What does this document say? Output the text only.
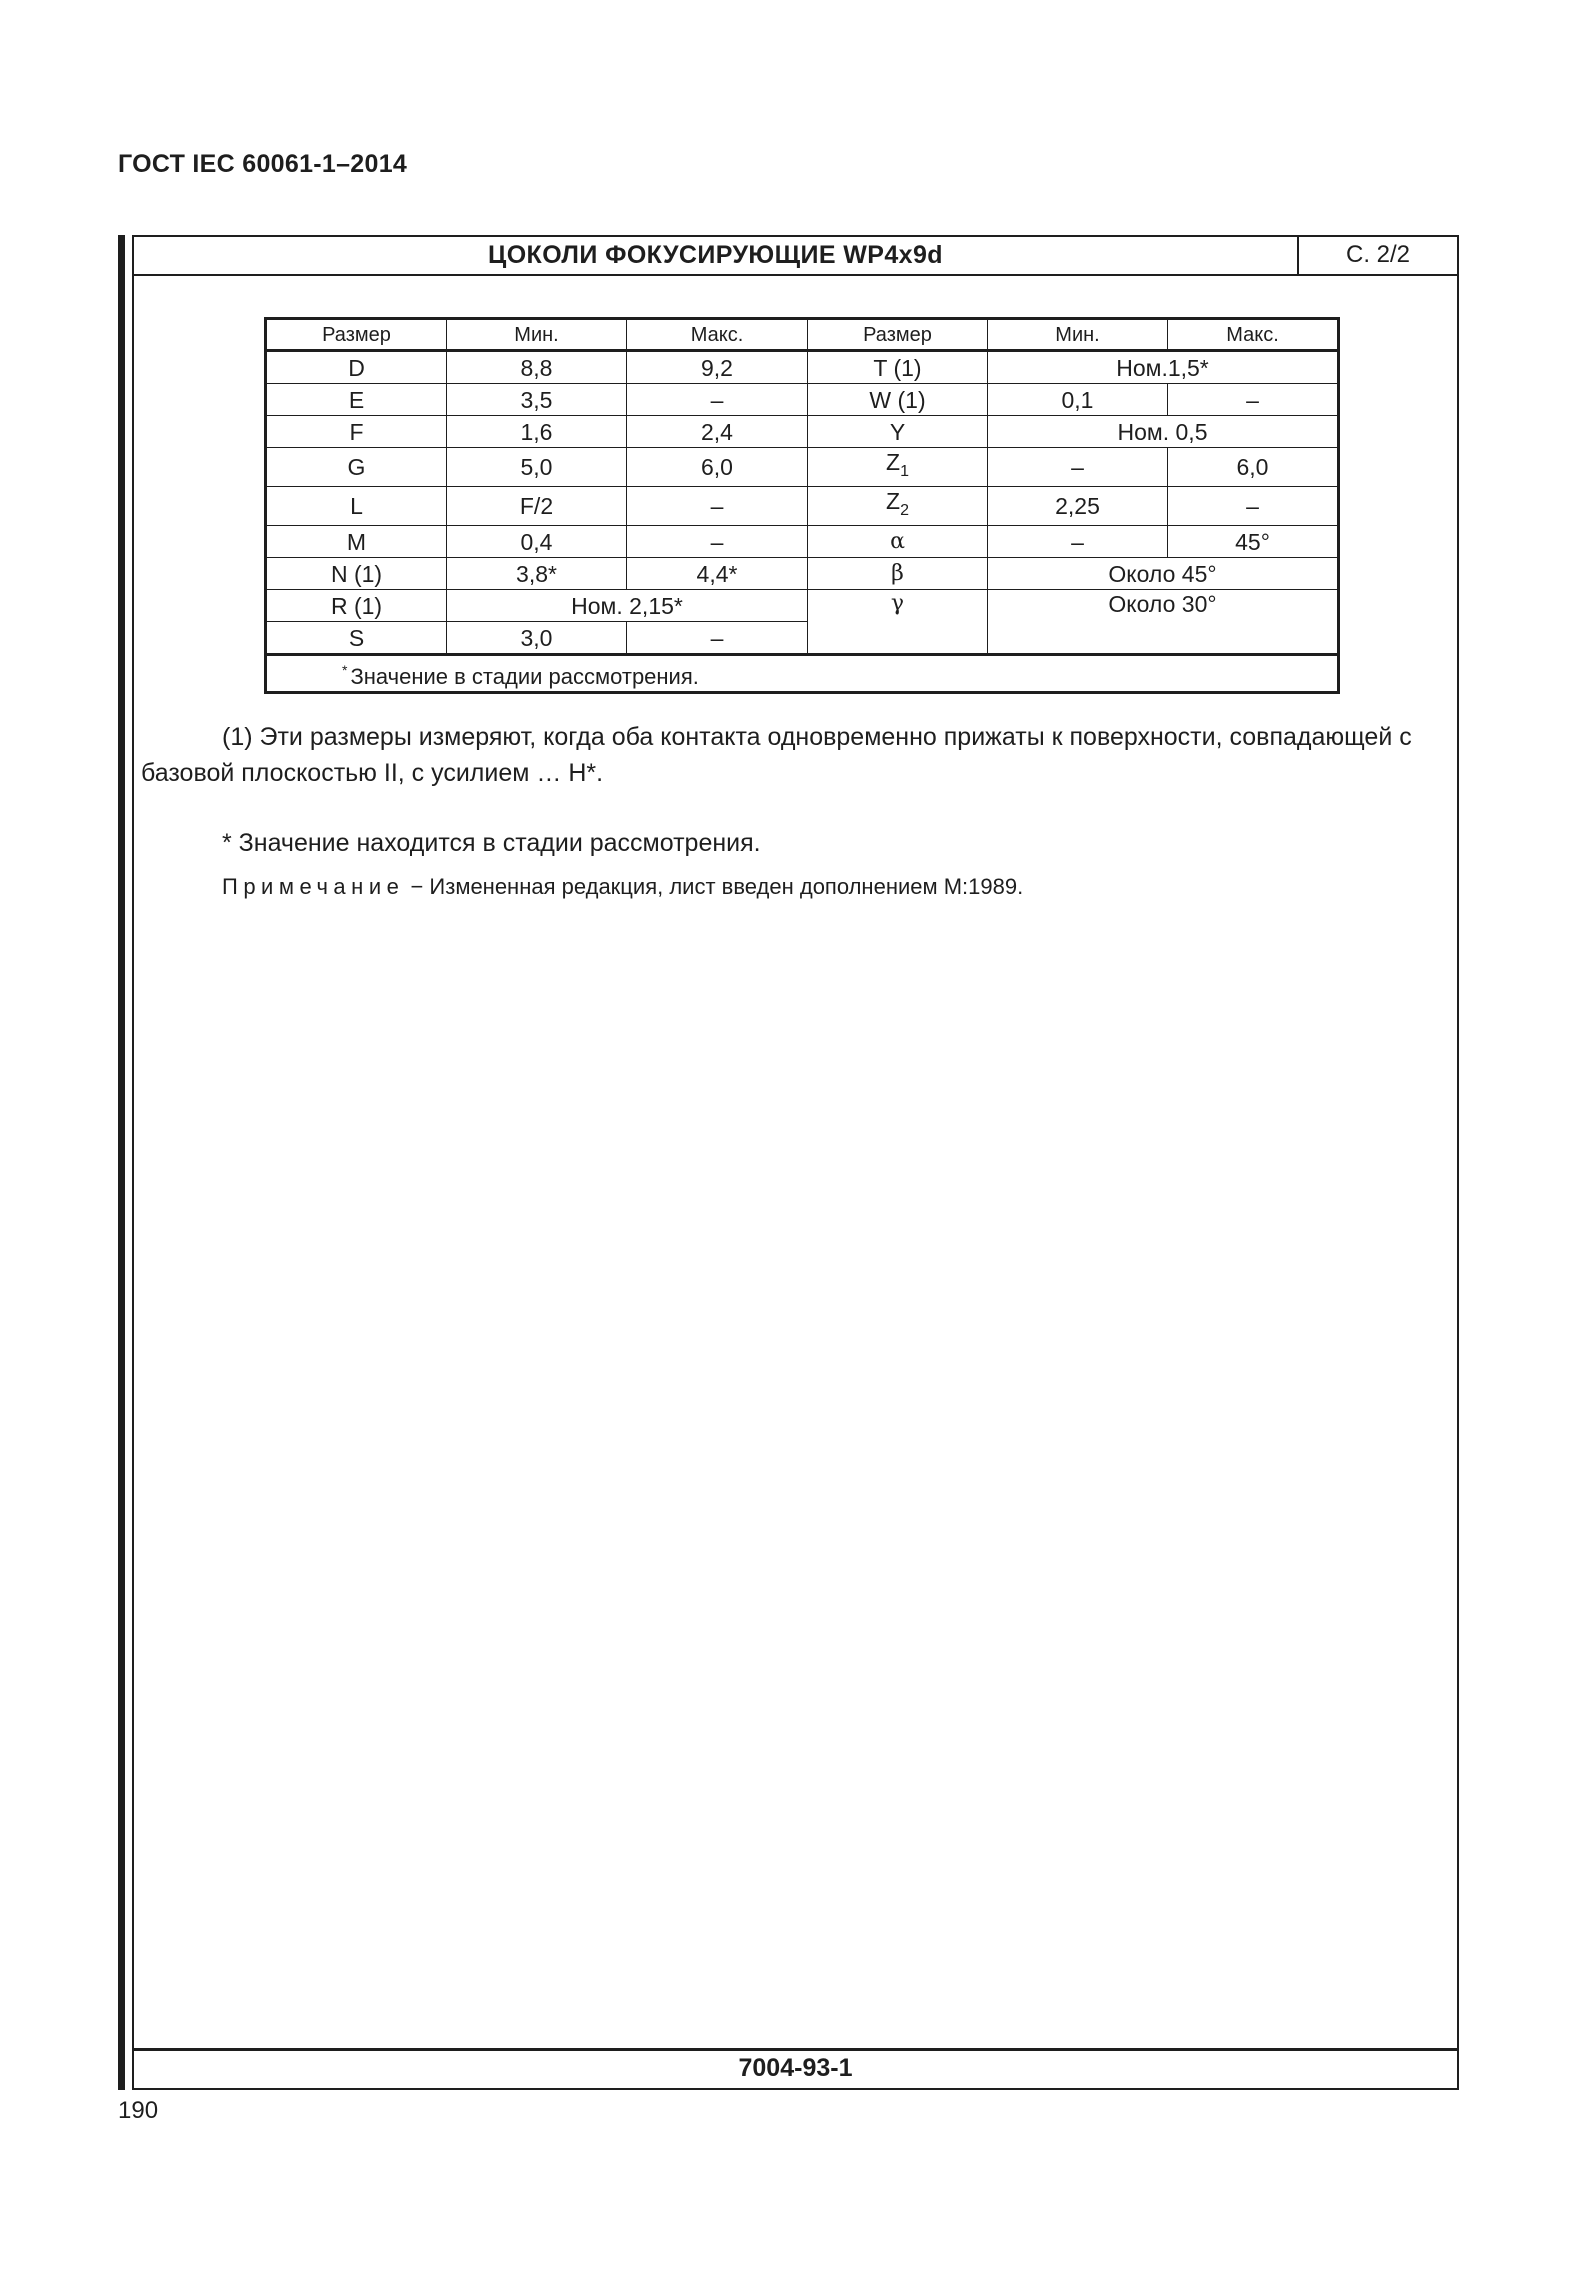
ГОСТ IEC 60061-1–2014
ЦОКОЛИ ФОКУСИРУЮЩИЕ WP4x9d	С. 2/2
Размер	Мин.	Макс.	Размер	Мин.	Макс.
D	8,8	9,2	T (1)	Ном.1,5*	
E	3,5	–	W (1)	0,1	–
F	1,6	2,4	Y	Ном. 0,5	
G	5,0	6,0	$Z_1$	–	6,0
L	F/2	–	$Z_2$	2,25	–
M	0,4	–	α	–	45°
N (1)	3,8*	4,4*	β	Около 45°	
R (1)	Ном. 2,15*		γ	Около 30°	
S	3,0	–			
* Значение в стадии рассмотрения.					
(1) Эти размеры измеряют, когда оба контакта одновременно прижаты к поверхности, совпадающей с базовой плоскостью II, с усилием … Н*.
* Значение находится в стадии рассмотрения.
Примечание − Измененная редакция, лист введен дополнением М:1989.
7004-93-1
190
